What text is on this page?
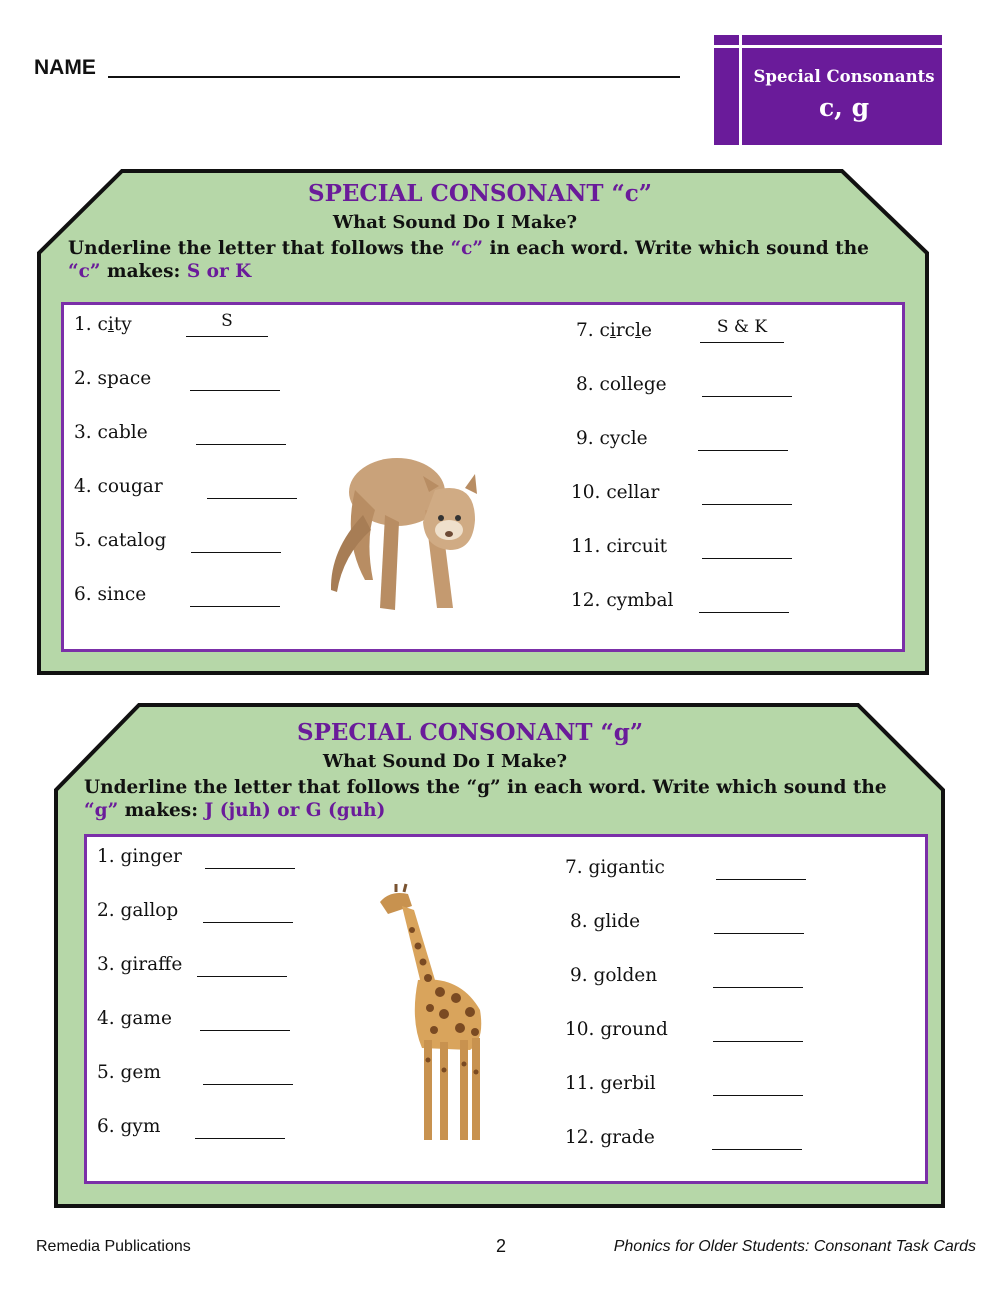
NAME	Special Consonants
c, g
SPECIAL CONSONANT “c”
What Sound Do I Make?
Underline the letter that follows the “c” in each word. Write which sound the
“c” makes: S or K
1. city	S
2. space
3. cable
4. cougar
5. catalog
6. since
7. circle	S & K
8. college
9. cycle
10. cellar
11. circuit
12. cymbal
SPECIAL CONSONANT “g”
What Sound Do I Make?
Underline the letter that follows the “g” in each word. Write which sound the
“g” makes: J (juh) or G (guh)
1. ginger
2. gallop
3. giraffe
4. game
5. gem
6. gym
7. gigantic
8. glide
9. golden
10. ground
11. gerbil
12. grade
Remedia Publications	2	Phonics for Older Students: Consonant Task Cards
